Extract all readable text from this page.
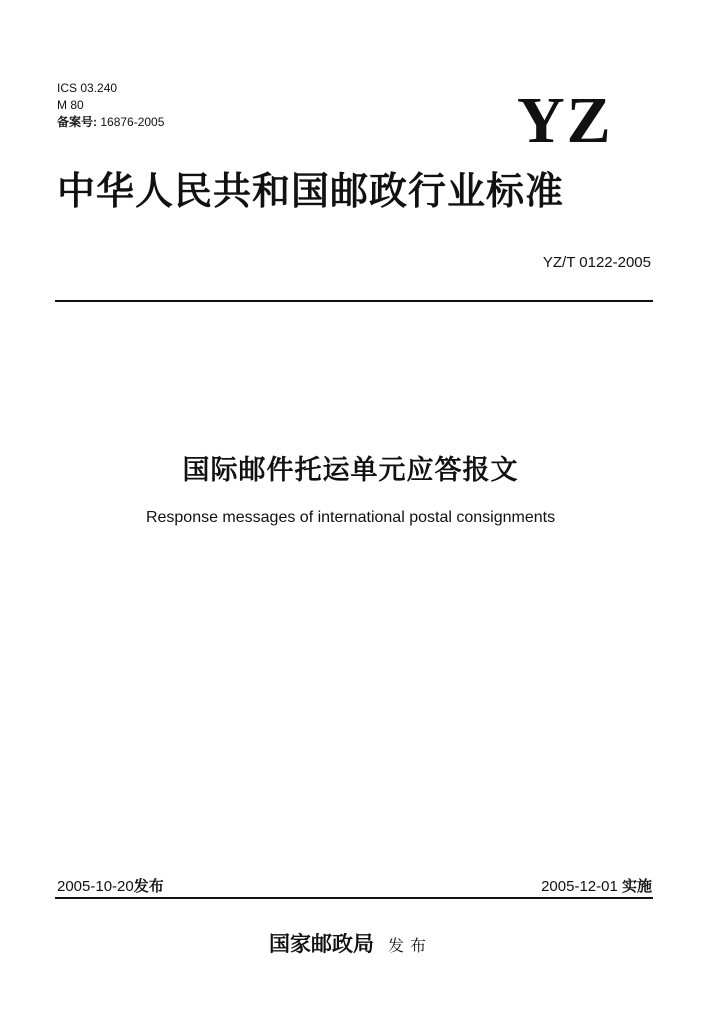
ICS 03.240
M 80
备案号: 16876-2005	YZ
中华人民共和国邮政行业标准
YZ/T 0122-2005
国际邮件托运单元应答报文
Response messages of international postal consignments
2005-10-20发布	2005-12-01 实施
国家邮政局 发布
